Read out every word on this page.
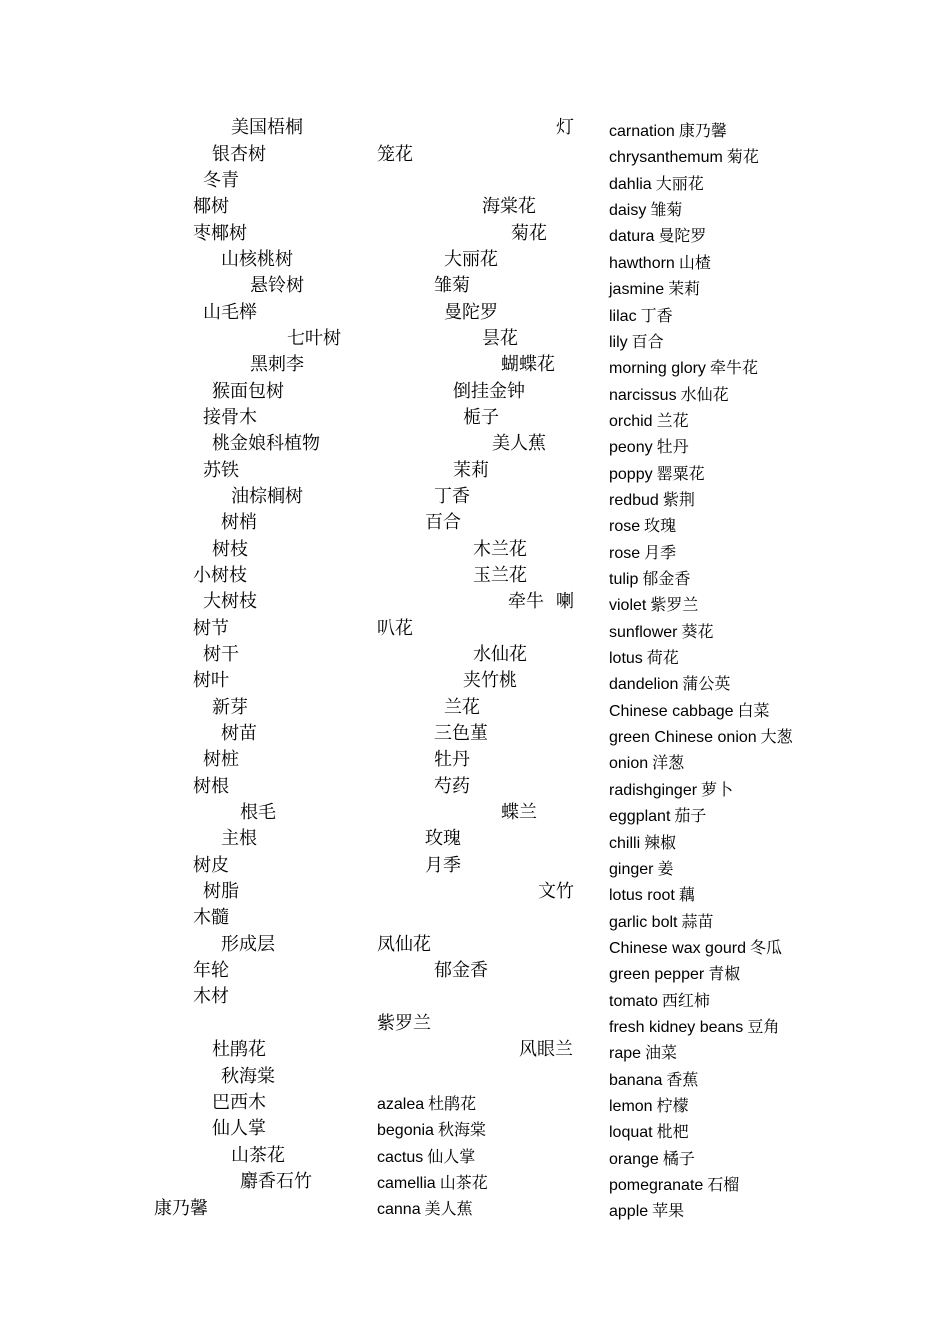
美国梧桐
银杏树
冬青
椰树
枣椰树
山核桃树
悬铃树
山毛榉
七叶树
黑刺李
猴面包树
接骨木
桃金娘科植物
苏铁
油棕榈树
树梢
树枝
小树枝
大树枝
树节
树干
树叶
新芽
树苗
树桩
树根
根毛
主根
树皮
树脂
木髓
形成层
年轮
木材
杜鹃花
秋海棠
巴西木
仙人掌
山茶花
麝香石竹
康乃馨
灯
笼花
海棠花
菊花
大丽花
雏菊
曼陀罗
昙花
蝴蝶花
倒挂金钟
栀子
美人蕉
茉莉
丁香
百合
木兰花
玉兰花
牵牛 喇
叭花
水仙花
夹竹桃
兰花
三色堇
牡丹
芍药
蝶兰
玫瑰
月季
文竹
凤仙花
郁金香
紫罗兰
风眼兰
azalea 杜鹃花
begonia 秋海棠
cactus 仙人掌
camellia 山茶花
canna 美人蕉
carnation 康乃馨
chrysanthemum 菊花
dahlia 大丽花
daisy 雏菊
datura 曼陀罗
hawthorn 山楂
jasmine 茉莉
lilac 丁香
lily 百合
morning glory 牵牛花
narcissus 水仙花
orchid 兰花
peony 牡丹
poppy 罂粟花
redbud 紫荆
rose 玫瑰
rose 月季
tulip 郁金香
violet 紫罗兰
sunflower 葵花
lotus 荷花
dandelion 蒲公英
Chinese cabbage 白菜
green Chinese onion 大葱
onion 洋葱
radishginger 萝卜
eggplant 茄子
chilli 辣椒
ginger 姜
lotus root 藕
garlic bolt 蒜苗
Chinese wax gourd 冬瓜
green pepper 青椒
tomato 西红柿
fresh kidney beans 豆角
rape 油菜
banana 香蕉
lemon 柠檬
loquat 枇杷
orange 橘子
pomegranate 石榴
apple 苹果
